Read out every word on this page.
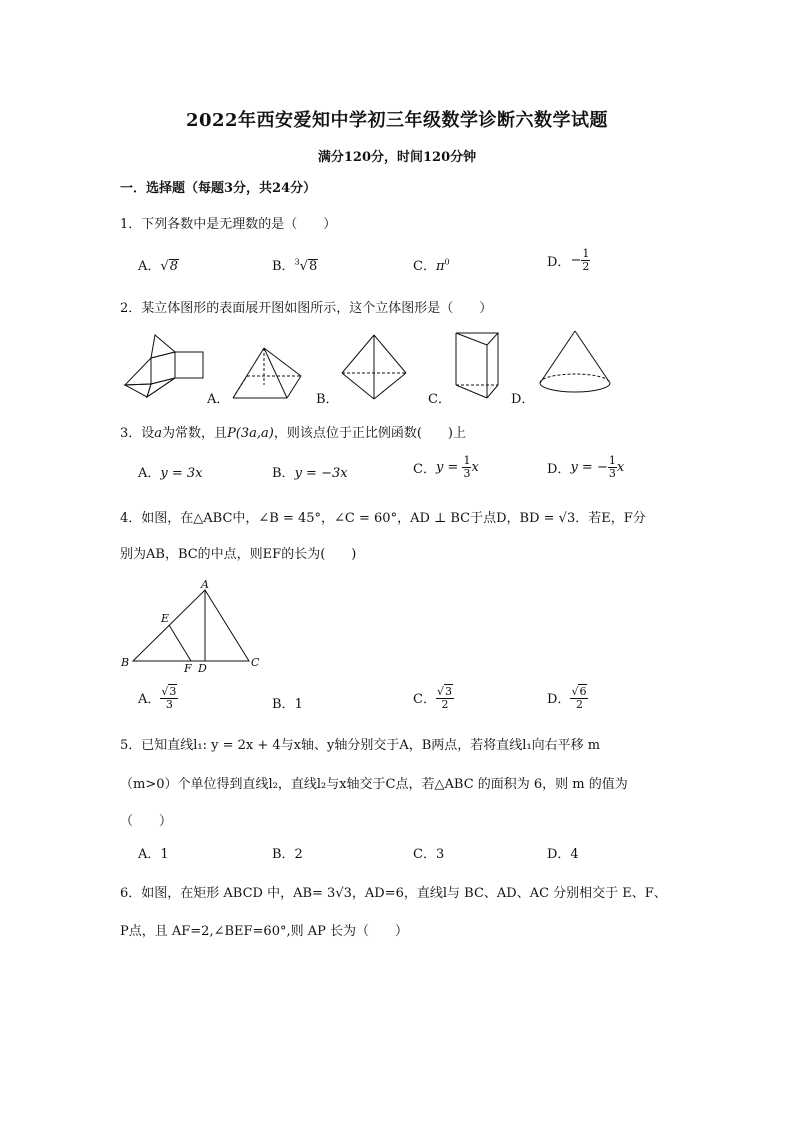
2022年西安爱知中学初三年级数学诊断六数学试题
满分120分，时间120分钟
一．选择题（每题3分，共24分）
1．下列各数中是无理数的是（　　）
A．√8	B．$^3$√8	C．$\pi^0$	D．− $\frac{1}{2}$
2．某立体图形的表面展开图如图所示，这个立体图形是（　　）
A．	B．	C．	D．
3．设a为常数，且P(3a,a)，则该点位于正比例函数(　　)上
A．y = 3x	B．y = −3x	C．$y = \frac{1}{3}$ x	D．y = − $\frac{1}{3}$ x
4．如图，在△ABC中，∠B = 45°，∠C = 60°，AD ⊥ BC于点D，BD = √3．若E，F分
别为AB，BC的中点，则EF的长为(　　)
A
B	C
D
E
F
A． $\frac{√3}{3}$	B．1	C． $\frac{√3}{2}$	D． $\frac{√6}{2}$
5．已知直线l₁: y = 2x + 4与x轴、y轴分别交于A，B两点，若将直线l₁向右平移 m
（m>0）个单位得到直线l₂，直线l₂与x轴交于C点，若△ABC 的面积为 6，则 m 的值为
（　　）
A．1	B．2	C．3	D．4
6．如图，在矩形 ABCD 中，AB= 3√3，AD=6，直线l与 BC、AD、AC 分别相交于 E、F、
P点，且 AF=2,∠BEF=60°,则 AP 长为（　　）
